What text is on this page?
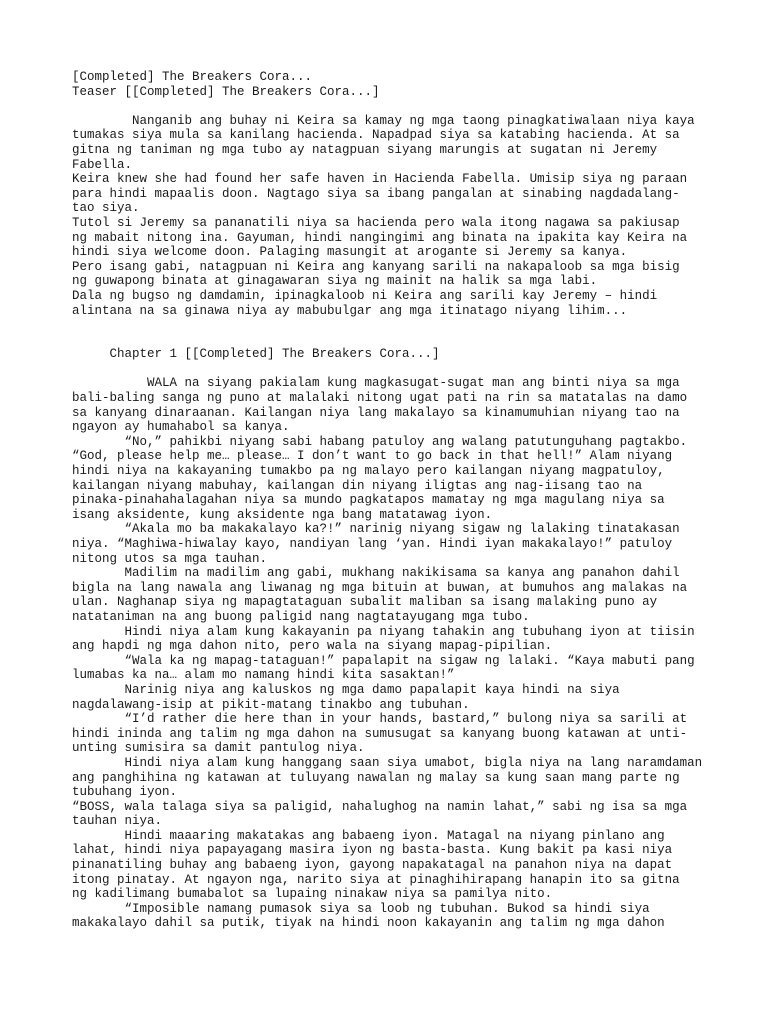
[Completed] The Breakers Cora...
Teaser [[Completed] The Breakers Cora...]
Nanganib ang buhay ni Keira sa kamay ng mga taong pinagkatiwalaan niya kaya
tumakas siya mula sa kanilang hacienda. Napadpad siya sa katabing hacienda. At sa
gitna ng taniman ng mga tubo ay natagpuan siyang marungis at sugatan ni Jeremy
Fabella.
Keira knew she had found her safe haven in Hacienda Fabella. Umisip siya ng paraan
para hindi mapaalis doon. Nagtago siya sa ibang pangalan at sinabing nagdadalang-
tao siya.
Tutol si Jeremy sa pananatili niya sa hacienda pero wala itong nagawa sa pakiusap
ng mabait nitong ina. Gayuman, hindi nangingimi ang binata na ipakita kay Keira na
hindi siya welcome doon. Palaging masungit at arogante si Jeremy sa kanya.
Pero isang gabi, natagpuan ni Keira ang kanyang sarili na nakapaloob sa mga bisig
ng guwapong binata at ginagawaran siya ng mainit na halik sa mga labi.
Dala ng bugso ng damdamin, ipinagkaloob ni Keira ang sarili kay Jeremy – hindi
alintana na sa ginawa niya ay mabubulgar ang mga itinatago niyang lihim...
Chapter 1 [[Completed] The Breakers Cora...]
WALA na siyang pakialam kung magkasugat-sugat man ang binti niya sa mga
bali-baling sanga ng puno at malalaki nitong ugat pati na rin sa matatalas na damo
sa kanyang dinaraanan. Kailangan niya lang makalayo sa kinamumuhian niyang tao na
ngayon ay humahabol sa kanya.
“No,” pahikbi niyang sabi habang patuloy ang walang patutunguhang pagtakbo.
“God, please help me… please… I don’t want to go back in that hell!” Alam niyang
hindi niya na kakayaning tumakbo pa ng malayo pero kailangan niyang magpatuloy,
kailangan niyang mabuhay, kailangan din niyang iligtas ang nag-iisang tao na
pinaka-pinahahalagahan niya sa mundo pagkatapos mamatay ng mga magulang niya sa
isang aksidente, kung aksidente nga bang matatawag iyon.
“Akala mo ba makakalayo ka?!” narinig niyang sigaw ng lalaking tinatakasan
niya. “Maghiwa-hiwalay kayo, nandiyan lang ‘yan. Hindi iyan makakalayo!” patuloy
nitong utos sa mga tauhan.
Madilim na madilim ang gabi, mukhang nakikisama sa kanya ang panahon dahil
bigla na lang nawala ang liwanag ng mga bituin at buwan, at bumuhos ang malakas na
ulan. Naghanap siya ng mapagtataguan subalit maliban sa isang malaking puno ay
natataniman na ang buong paligid nang nagtatayugang mga tubo.
Hindi niya alam kung kakayanin pa niyang tahakin ang tubuhang iyon at tiisin
ang hapdi ng mga dahon nito, pero wala na siyang mapag-pipilian.
“Wala ka ng mapag-tataguan!” papalapit na sigaw ng lalaki. “Kaya mabuti pang
lumabas ka na… alam mo namang hindi kita sasaktan!”
Narinig niya ang kaluskos ng mga damo papalapit kaya hindi na siya
nagdalawang-isip at pikit-matang tinakbo ang tubuhan.
“I’d rather die here than in your hands, bastard,” bulong niya sa sarili at
hindi ininda ang talim ng mga dahon na sumusugat sa kanyang buong katawan at unti-
unting sumisira sa damit pantulog niya.
Hindi niya alam kung hanggang saan siya umabot, bigla niya na lang naramdaman
ang panghihina ng katawan at tuluyang nawalan ng malay sa kung saan mang parte ng
tubuhang iyon.
“BOSS, wala talaga siya sa paligid, nahalughog na namin lahat,” sabi ng isa sa mga
tauhan niya.
Hindi maaaring makatakas ang babaeng iyon. Matagal na niyang pinlano ang
lahat, hindi niya papayagang masira iyon ng basta-basta. Kung bakit pa kasi niya
pinanatiling buhay ang babaeng iyon, gayong napakatagal na panahon niya na dapat
itong pinatay. At ngayon nga, narito siya at pinaghihirapang hanapin ito sa gitna
ng kadilimang bumabalot sa lupaing ninakaw niya sa pamilya nito.
“Imposible namang pumasok siya sa loob ng tubuhan. Bukod sa hindi siya
makakalayo dahil sa putik, tiyak na hindi noon kakayanin ang talim ng mga dahon
